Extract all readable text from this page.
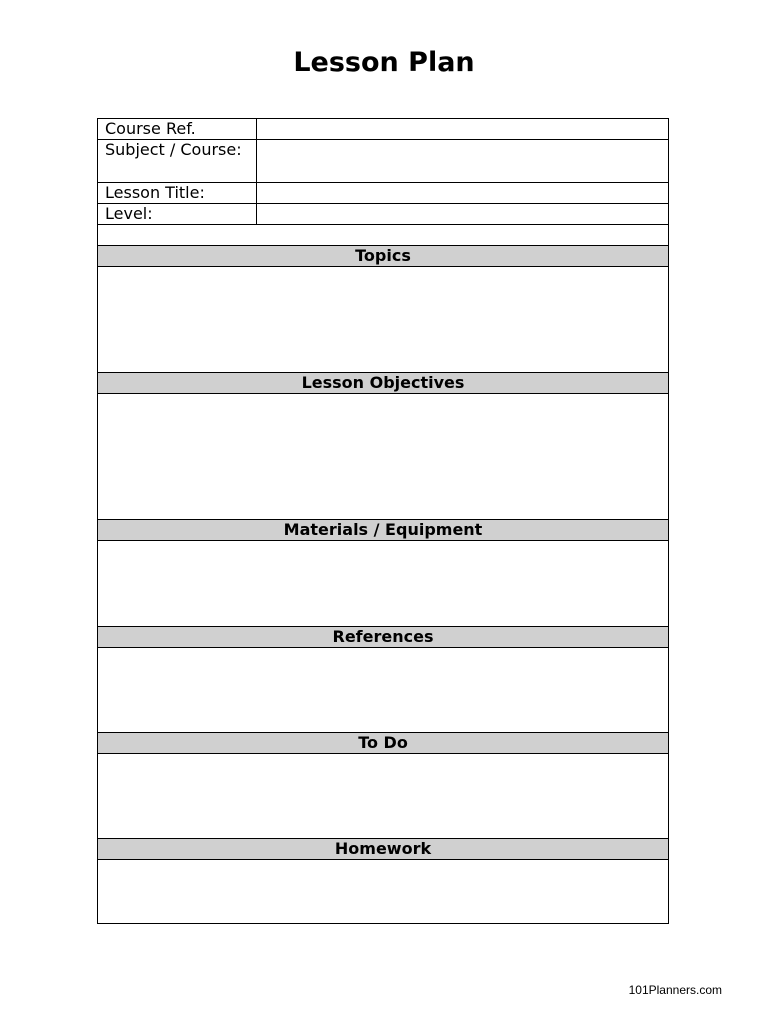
Lesson Plan
Course Ref.	
Subject / Course:	
Lesson Title:	
Level:	

Topics	

Lesson Objectives	

Materials / Equipment	

References	

To Do	

Homework	

101Planners.com
